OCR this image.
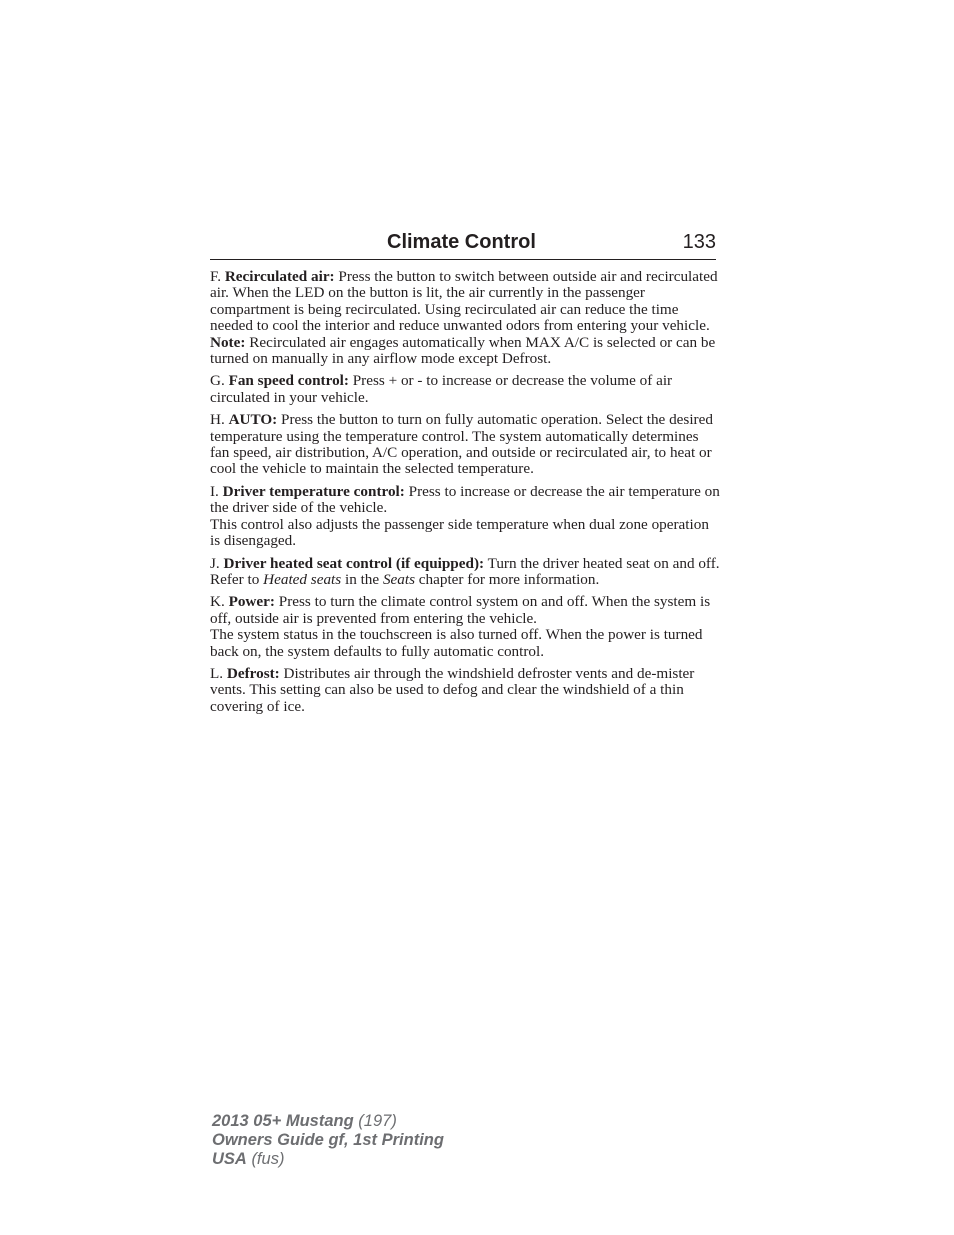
Climate Control	133

F. Recirculated air: Press the button to switch between outside air and recirculated air. When the LED on the button is lit, the air currently in the passenger compartment is being recirculated. Using recirculated air can reduce the time needed to cool the interior and reduce unwanted odors from entering your vehicle.

Note: Recirculated air engages automatically when MAX A/C is selected or can be turned on manually in any airflow mode except Defrost.

G. Fan speed control: Press + or - to increase or decrease the volume of air circulated in your vehicle.

H. AUTO: Press the button to turn on fully automatic operation. Select the desired temperature using the temperature control. The system automatically determines fan speed, air distribution, A/C operation, and outside or recirculated air, to heat or cool the vehicle to maintain the selected temperature.

I. Driver temperature control: Press to increase or decrease the air temperature on the driver side of the vehicle.

This control also adjusts the passenger side temperature when dual zone operation is disengaged.

J. Driver heated seat control (if equipped): Turn the driver heated seat on and off. Refer to Heated seats in the Seats chapter for more information.

K. Power: Press to turn the climate control system on and off. When the system is off, outside air is prevented from entering the vehicle.

The system status in the touchscreen is also turned off. When the power is turned back on, the system defaults to fully automatic control.

L. Defrost: Distributes air through the windshield defroster vents and de-mister vents. This setting can also be used to defog and clear the windshield of a thin covering of ice.

2013 05+ Mustang (197)
Owners Guide gf, 1st Printing
USA (fus)
